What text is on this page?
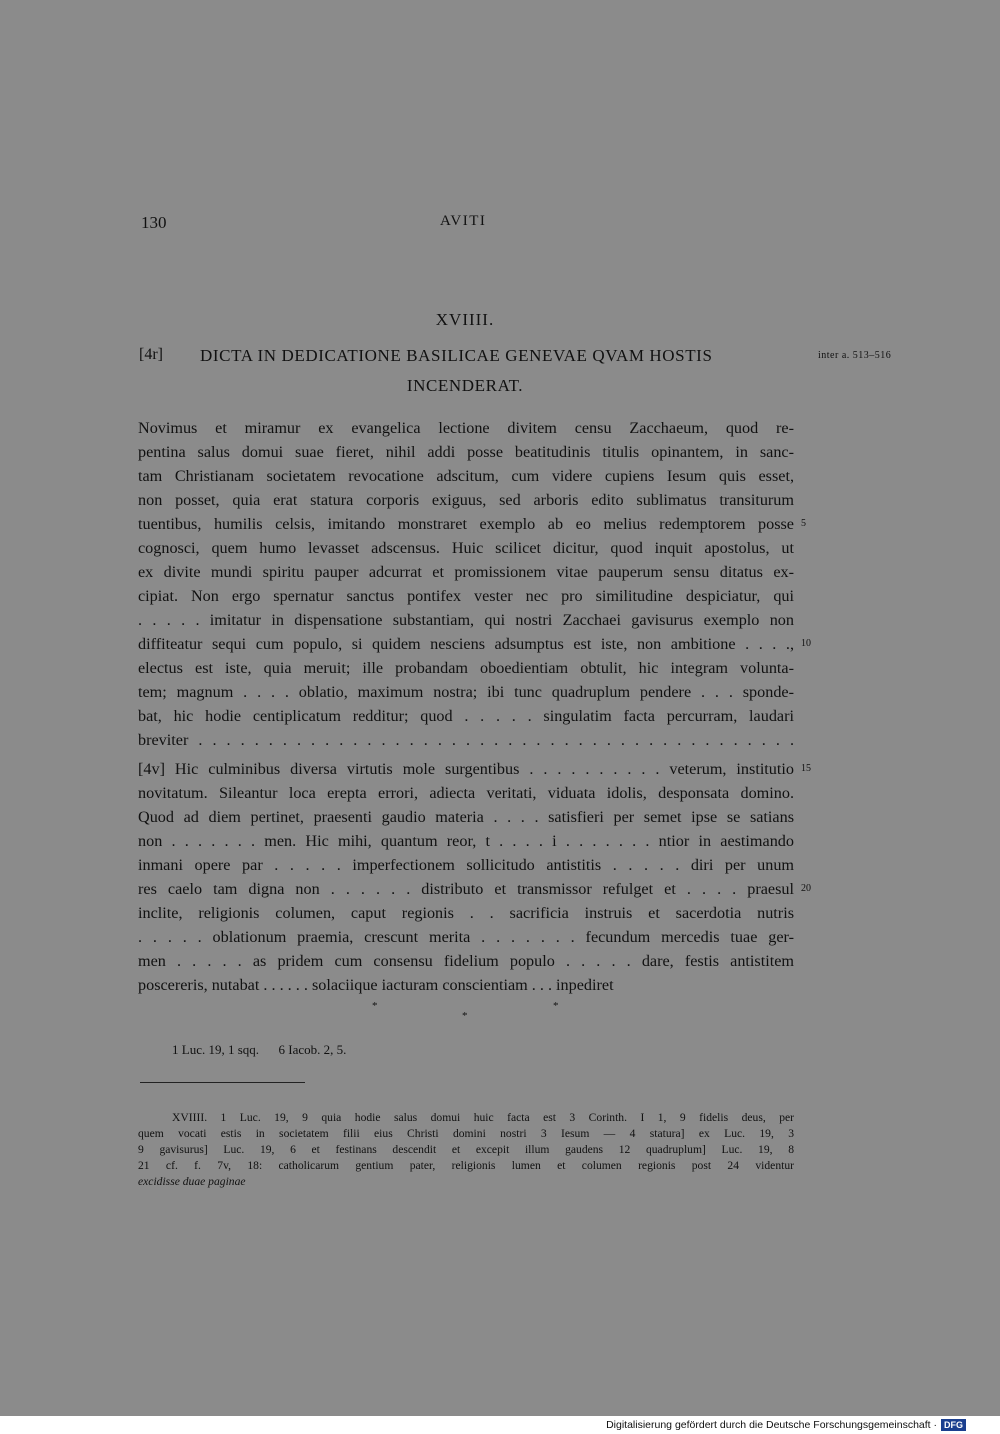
130	AVITI
XVIIII.
[4r] DICTA IN DEDICATIONE BASILICAE GENEVAE QVAM HOSTIS
INCENDERAT.
inter a. 513–516
Novimus et miramur ex evangelica lectione divitem censu Zacchaeum, quod re-
pentina salus domui suae fieret, nihil addi posse beatitudinis titulis opinantem, in sanc-
tam Christianam societatem revocatione adscitum, cum videre cupiens Iesum quis esset,
non posset, quia erat statura corporis exiguus, sed arboris edito sublimatus transiturum
tuentibus, humilis celsis, imitando monstraret exemplo ab eo melius redemptorem posse
cognosci, quem humo levasset adscensus. Huic scilicet dicitur, quod inquit apostolus, ut
ex divite mundi spiritu pauper adcurrat et promissionem vitae pauperum sensu ditatus ex-
cipiat. Non ergo spernatur sanctus pontifex vester nec pro similitudine despiciatur, qui
. . . . . imitatur in dispensatione substantiam, qui nostri Zacchaei gavisurus exemplo non
diffiteatur sequi cum populo, si quidem nesciens adsumptus est iste, non ambitione . . . .,
electus est iste, quia meruit; ille probandam oboedientiam obtulit, hic integram volunta-
tem; magnum . . . . oblatio, maximum nostra; ibi tunc quadruplum pendere . . . sponde-
bat, hic hodie centiplicatum redditur; quod . . . . . singulatim facta percurram, laudari
breviter . . . . . . . . . . . . . . . . . . . . . . . . . . . . . . . . . . . . . . . . . . .
[4v] Hic culminibus diversa virtutis mole surgentibus . . . . . . . . . . veterum, institutio
novitatum. Sileantur loca erepta errori, adiecta veritati, viduata idolis, desponsata domino.
Quod ad diem pertinet, praesenti gaudio materia . . . . satisfieri per semet ipse se satians
non . . . . . . . men. Hic mihi, quantum reor, t . . . . i . . . . . . . ntior in aestimando
inmani opere par . . . . . imperfectionem sollicitudo antistitis . . . . . diri per unum
res caelo tam digna non . . . . . . distributo et transmissor refulget et . . . . praesul
inclite, religionis columen, caput regionis . . sacrificia instruis et sacerdotia nutris
. . . . . oblationum praemia, crescunt merita . . . . . . . fecundum mercedis tuae ger-
men . . . . . as pridem cum consensu fidelium populo . . . . . dare, festis antistitem
poscereris, nutabat . . . . . . solaciique iacturam conscientiam . . . inpediret
5
10
15
20
*
*
*
1 Luc. 19, 1 sqq.      6 Iacob. 2, 5.
XVIIII. 1 Luc. 19, 9 quia hodie salus domui huic facta est 3 Corinth. I 1, 9 fidelis deus, per
quem vocati estis in societatem filii eius Christi domini nostri 3 Iesum — 4 statura] ex Luc. 19, 3
9 gavisurus] Luc. 19, 6 et festinans descendit et excepit illum gaudens 12 quadruplum] Luc. 19, 8
21 cf. f. 7v, 18: catholicarum gentium pater, religionis lumen et columen regionis post 24 videntur
excidisse duae paginae
Digitalisierung gefördert durch die Deutsche Forschungsgemeinschaft · DFG
